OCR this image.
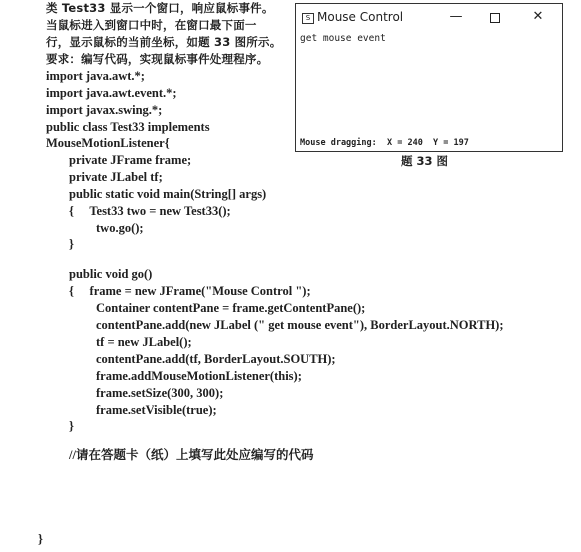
类 Test33 显示一个窗口，响应鼠标事件。
当鼠标进入到窗口中时，在窗口最下面一
行，显示鼠标的当前坐标，如题 33 图所示。
要求：编写代码，实现鼠标事件处理程序。
import java.awt.*;
import java.awt.event.*;
import javax.swing.*;
public class Test33 implements
MouseMotionListener{
private JFrame frame;
private JLabel tf;
public static void main(String[] args)
{     Test33 two = new Test33();
two.go();
}
public void go()
{     frame = new JFrame("Mouse Control ");
Container contentPane = frame.getContentPane();
contentPane.add(new JLabel (" get mouse event"), BorderLayout.NORTH);
tf = new JLabel();
contentPane.add(tf, BorderLayout.SOUTH);
frame.addMouseMotionListener(this);
frame.setSize(300, 300);
frame.setVisible(true);
}
//请在答题卡（纸）上填写此处应编写的代码
}
S Mouse Control	—	✕
get mouse event
Mouse dragging:  X = 240  Y = 197
题 33 图
